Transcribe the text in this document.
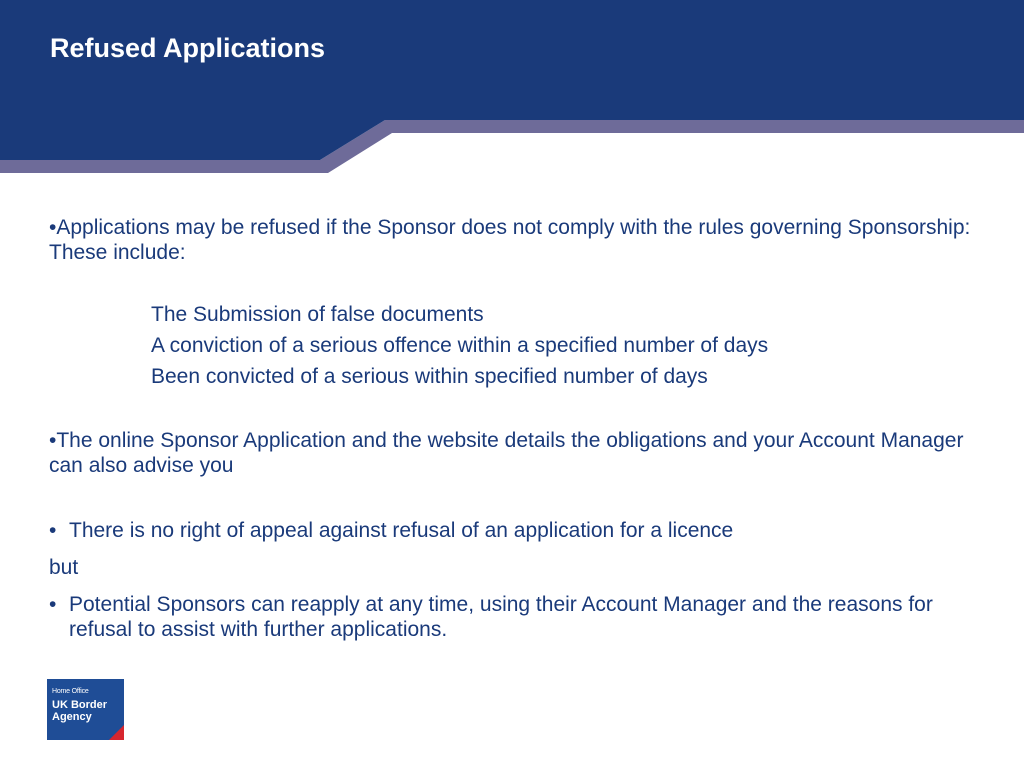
Refused Applications

•Applications may be refused if the Sponsor does not comply with the rules governing Sponsorship: These include:

The Submission of false documents
A conviction of a serious offence within a specified number of days
Been convicted of a serious within specified number of days

•The online Sponsor Application and the website details the obligations and your Account Manager can also advise you

• There is no right of appeal against refusal of an application for a licence

but

• Potential Sponsors can reapply at any time, using their Account Manager and the reasons for refusal to assist with further applications.
Home Office
UK Border
Agency
